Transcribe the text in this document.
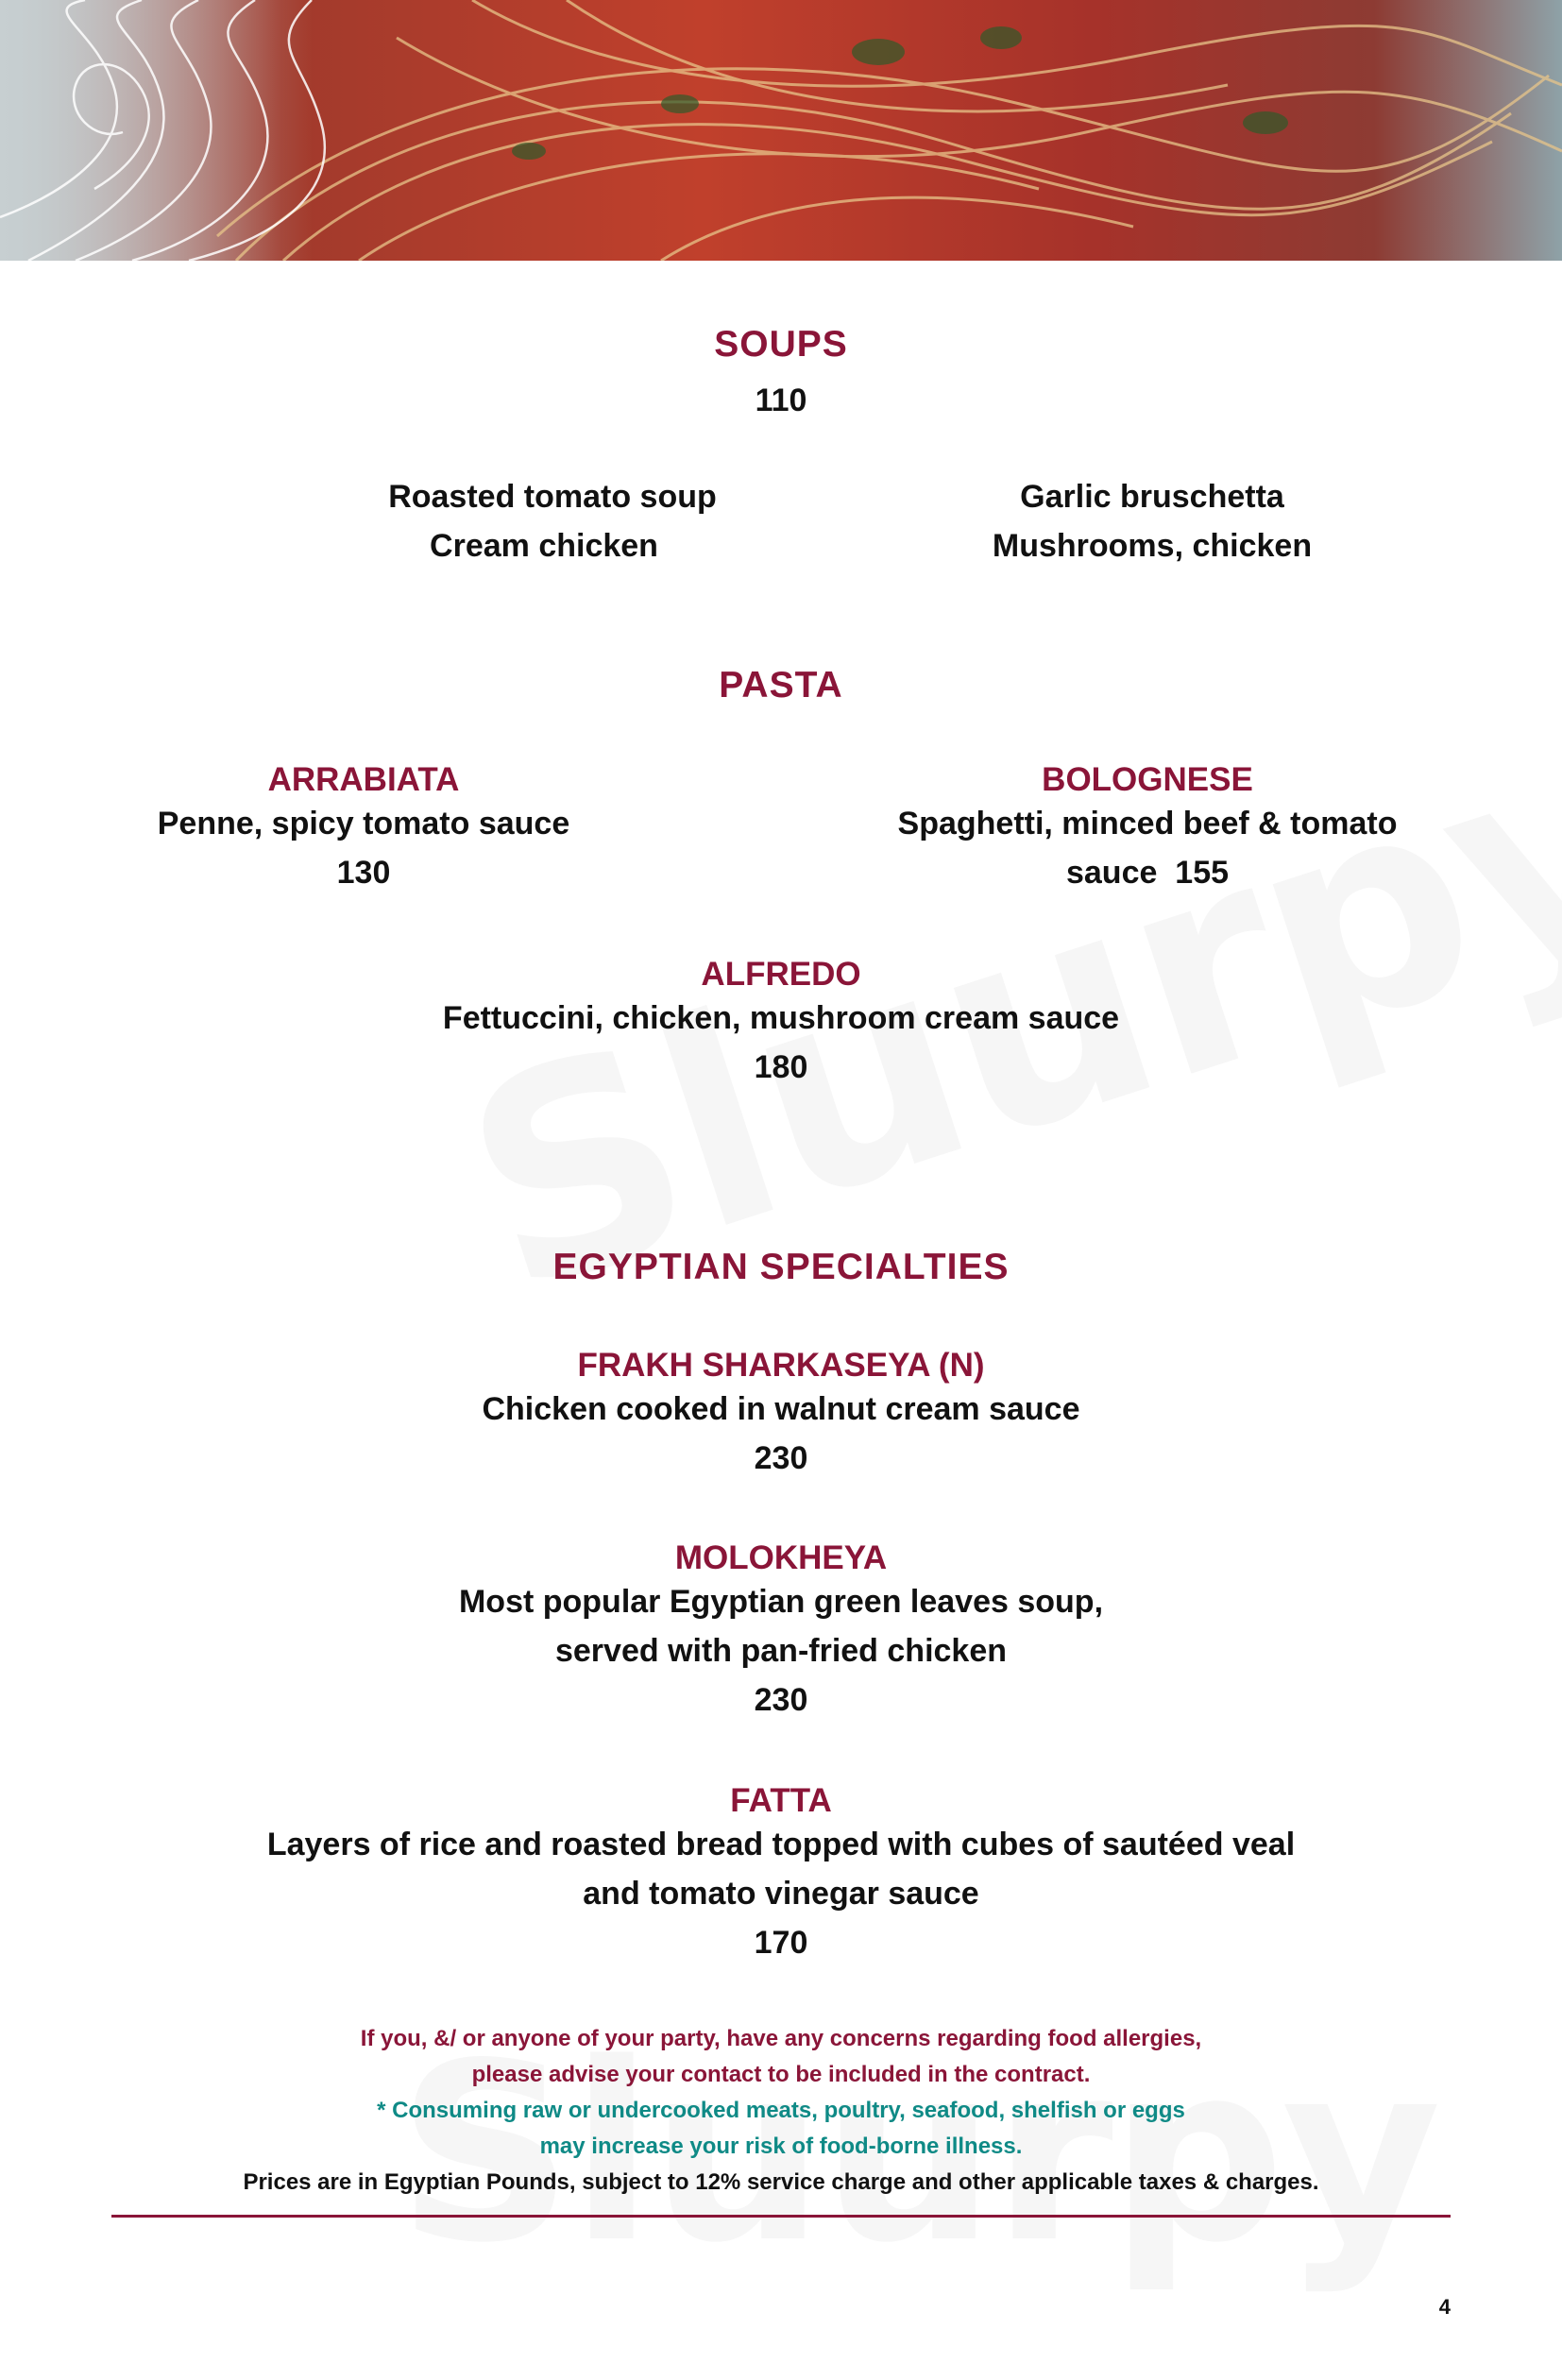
SOUPS
110
Roasted tomato soup
Cream chicken
Garlic bruschetta
Mushrooms, chicken
PASTA
ARRABIATA
Penne, spicy tomato sauce
130
BOLOGNESE
Spaghetti, minced beef & tomato
sauce  155
ALFREDO
Fettuccini, chicken, mushroom cream sauce
180
EGYPTIAN SPECIALTIES
FRAKH SHARKASEYA (N)
Chicken cooked in walnut cream sauce
230
MOLOKHEYA
Most popular Egyptian green leaves soup,
served with pan-fried chicken
230
FATTA
Layers of rice and roasted bread topped with cubes of sautéed veal
and tomato vinegar sauce
170
If you, &/ or anyone of your party, have any concerns regarding food allergies,
please advise your contact to be included in the contract.
* Consuming raw or undercooked meats, poultry, seafood, shelfish or eggs
may increase your risk of food-borne illness.
Prices are in Egyptian Pounds, subject to 12% service charge and other applicable taxes & charges.
4
